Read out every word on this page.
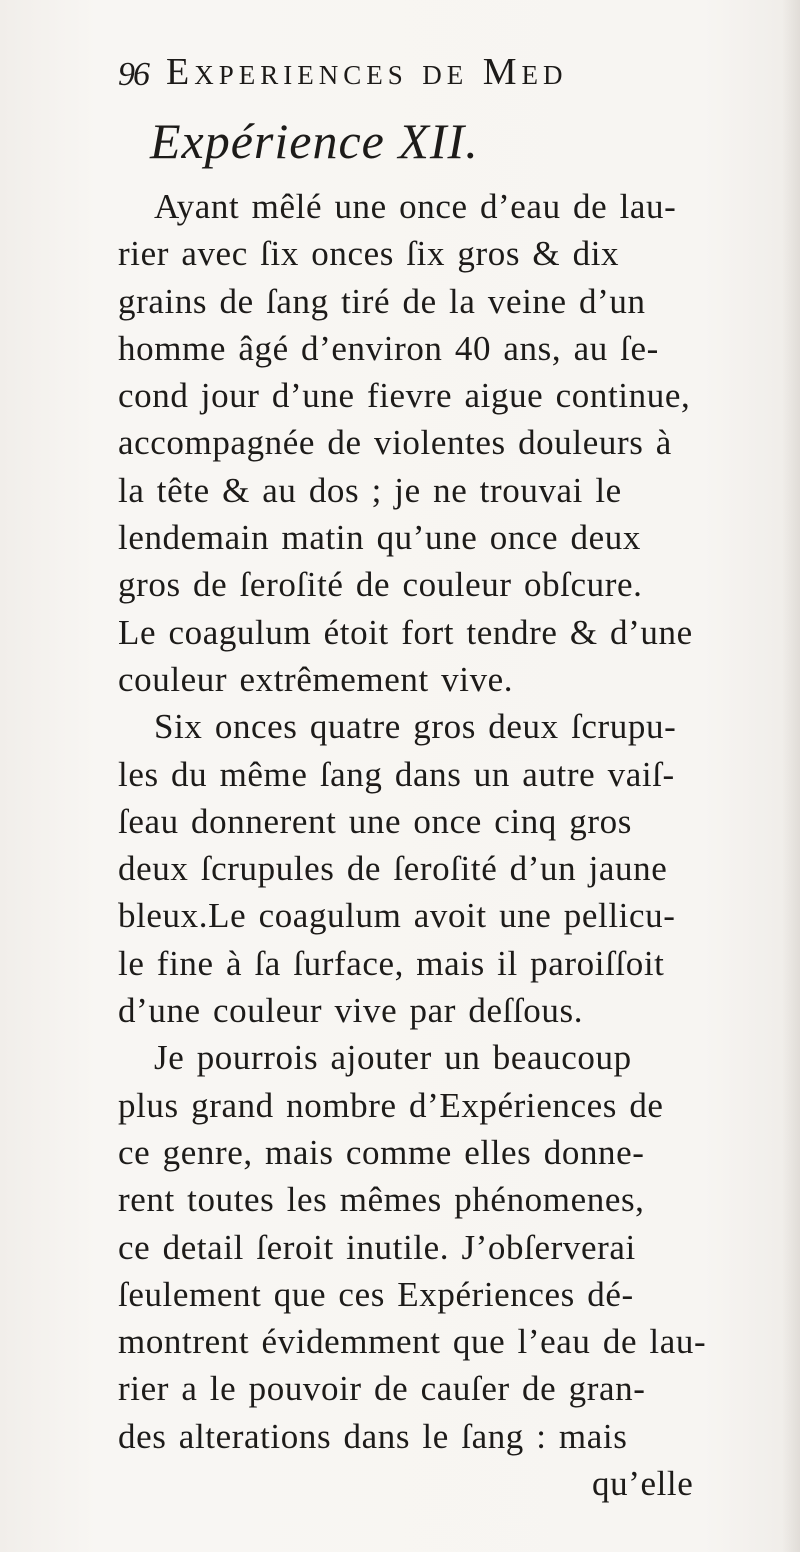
96 Experiences de Med
Expérience XII.
Ayant mêlé une once d’eau de lau-
rier avec ſix onces ſix gros & dix
grains de ſang tiré de la veine d’un
homme âgé d’environ 40 ans, au ſe-
cond jour d’une fievre aigue continue,
accompagnée de violentes douleurs à
la tête & au dos ; je ne trouvai le
lendemain matin qu’une once deux
gros de ſeroſité de couleur obſcure.
Le coagulum étoit fort tendre & d’une
couleur extrêmement vive.
Six onces quatre gros deux ſcrupu-
les du même ſang dans un autre vaiſ-
ſeau donnerent une once cinq gros
deux ſcrupules de ſeroſité d’un jaune
bleux.Le coagulum avoit une pellicu-
le fine à ſa ſurface, mais il paroiſſoit
d’une couleur vive par deſſous.
Je pourrois ajouter un beaucoup
plus grand nombre d’Expériences de
ce genre, mais comme elles donne-
rent toutes les mêmes phénomenes,
ce detail ſeroit inutile. J’obſerverai
ſeulement que ces Expériences dé-
montrent évidemment que l’eau de lau-
rier a le pouvoir de cauſer de gran-
des alterations dans le ſang : mais
qu’elle
